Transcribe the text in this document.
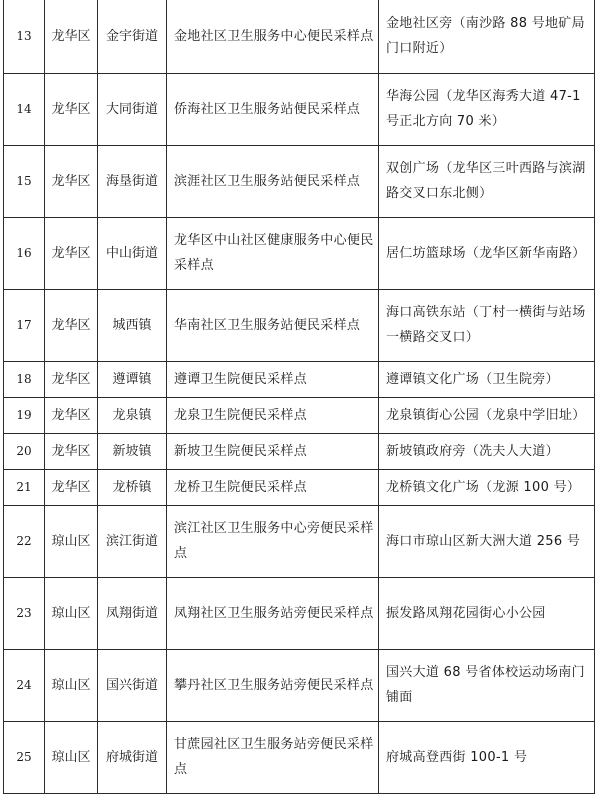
13	龙华区	金宇街道	金地社区卫生服务中心便民采样点	金地社区旁（南沙路 88 号地矿局门口附近）
14	龙华区	大同街道	侨海社区卫生服务站便民采样点	华海公园（龙华区海秀大道 47-1 号正北方向 70 米）
15	龙华区	海垦街道	滨涯社区卫生服务站便民采样点	双创广场（龙华区三叶西路与滨湖路交叉口东北侧）
16	龙华区	中山街道	龙华区中山社区健康服务中心便民采样点	居仁坊篮球场（龙华区新华南路）
17	龙华区	城西镇	华南社区卫生服务站便民采样点	海口高铁东站（丁村一横街与站场一横路交叉口）
18	龙华区	遵谭镇	遵谭卫生院便民采样点	遵谭镇文化广场（卫生院旁）
19	龙华区	龙泉镇	龙泉卫生院便民采样点	龙泉镇街心公园（龙泉中学旧址）
20	龙华区	新坡镇	新坡卫生院便民采样点	新坡镇政府旁（冼夫人大道）
21	龙华区	龙桥镇	龙桥卫生院便民采样点	龙桥镇文化广场（龙源 100 号）
22	琼山区	滨江街道	滨江社区卫生服务中心旁便民采样点	海口市琼山区新大洲大道 256 号
23	琼山区	凤翔街道	凤翔社区卫生服务站旁便民采样点	振发路凤翔花园街心小公园
24	琼山区	国兴街道	攀丹社区卫生服务站旁便民采样点	国兴大道 68 号省体校运动场南门铺面
25	琼山区	府城街道	甘蔗园社区卫生服务站旁便民采样点	府城高登西街 100-1 号
